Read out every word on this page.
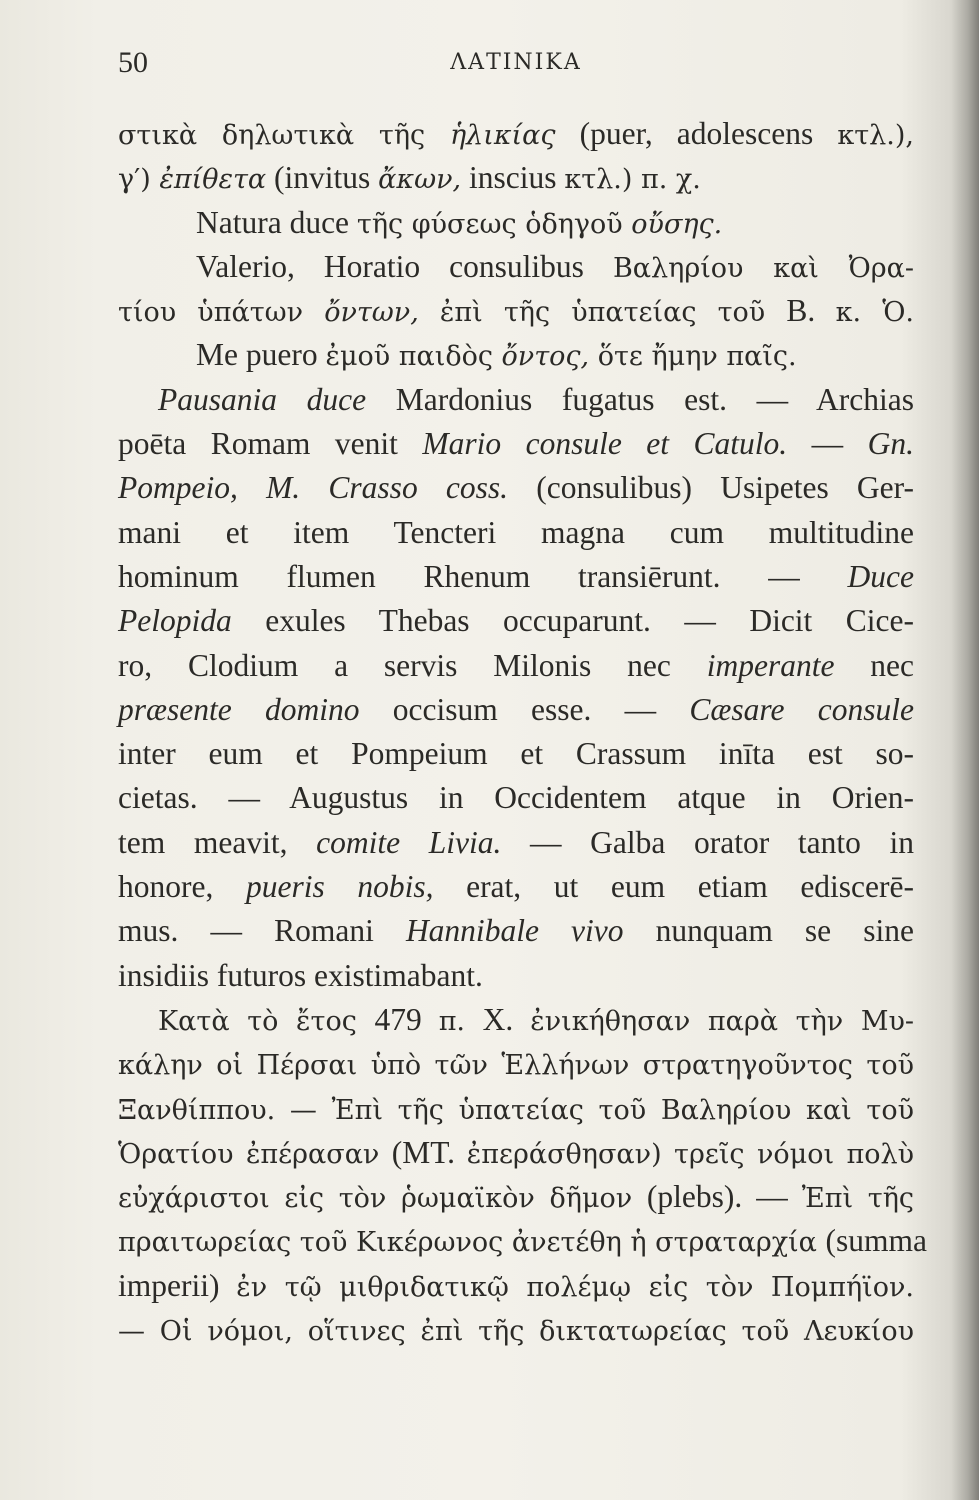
50	ΛΑΤΙΝΙΚΑ
στικὰ δηλωτικὰ τῆς ἡλικίας (puer, adolescens κτλ.),
γ′) ἐπίθετα (invitus ἄκων, inscius κτλ.) π. χ.
Natura duce τῆς φύσεως ὁδηγοῦ οὔσης.
Valerio, Horatio consulibus Βαληρίου καὶ Ὀρα-
τίου ὑπάτων ὄντων, ἐπὶ τῆς ὑπατείας τοῦ B. κ. Ὁ.
Me puero ἐμοῦ παιδὸς ὄντος, ὅτε ἤμην παῖς.
Pausania duce Mardonius fugatus est. — Archias
poēta Romam venit Mario consule et Catulo. — Gn.
Pompeio, M. Crasso coss. (consulibus) Usipetes Ger-
mani et item Tencteri magna cum multitudine
hominum flumen Rhenum transiērunt. — Duce
Pelopida exules Thebas occuparunt. — Dicit Cice-
ro, Clodium a servis Milonis nec imperante nec
præsente domino occisum esse. — Cæsare consule
inter eum et Pompeium et Crassum inīta est so-
cietas. — Augustus in Occidentem atque in Orien-
tem meavit, comite Livia. — Galba orator tanto in
honore, pueris nobis, erat, ut eum etiam ediscerē-
mus. — Romani Hannibale vivo nunquam se sine
insidiis futuros existimabant.
Κατὰ τὸ ἔτος 479 π. X. ἐνικήθησαν παρὰ τὴν Μυ-
κάλην οἱ Πέρσαι ὑπὸ τῶν Ἑλλήνων στρατηγοῦντος τοῦ
Ξανθίππου. — Ἐπὶ τῆς ὑπατείας τοῦ Βαληρίου καὶ τοῦ
Ὁρατίου ἐπέρασαν (MT. ἐπεράσθησαν) τρεῖς νόμοι πολὺ
εὐχάριστοι εἰς τὸν ῥωμαϊκὸν δῆμον (plebs). — Ἐπὶ τῆς
πραιτωρείας τοῦ Κικέρωνος ἀνετέθη ἡ στραταρχία (summa
imperii) ἐν τῷ μιθριδατικῷ πολέμῳ εἰς τὸν Πομπήϊον.
— Οἱ νόμοι, οἵτινες ἐπὶ τῆς δικτατωρείας τοῦ Λευκίου
